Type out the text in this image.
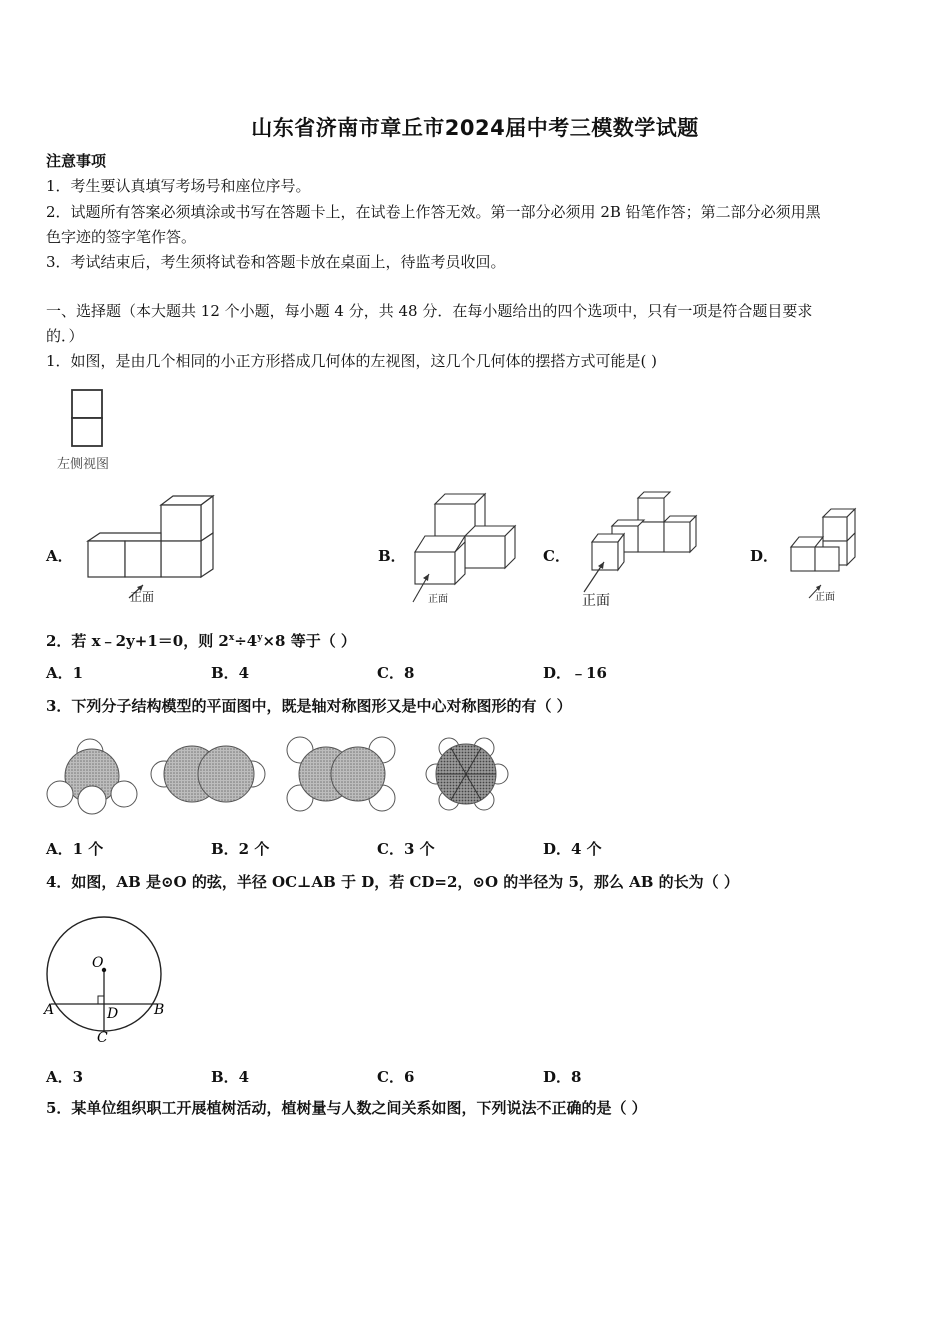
山东省济南市章丘市2024届中考三模数学试题
注意事项
1．考生要认真填写考场号和座位序号。
2．试题所有答案必须填涂或书写在答题卡上，在试卷上作答无效。第一部分必须用 2B 铅笔作答；第二部分必须用黑
色字迹的签字笔作答。
3．考试结束后，考生须将试卷和答题卡放在桌面上，待监考员收回。
一、选择题（本大题共 12 个小题，每小题 4 分，共 48 分．在每小题给出的四个选项中，只有一项是符合题目要求
的．）
1．如图，是由几个相同的小正方形搭成几何体的左视图，这几个几何体的摆搭方式可能是( )
左侧视图
A．
正面
B．
正面
C．
正面
D．
正面
2．若 x﹣2y+1＝0，则 $2^x\div 4^y\times 8$ 等于（ ）
A．1	B．4	C．8	D．﹣16
3．下列分子结构模型的平面图中，既是轴对称图形又是中心对称图形的有（ ）
A．1 个	B．2 个	C．3 个	D．4 个
4．如图，AB 是⊙O 的弦，半径 OC⊥AB 于 D，若 CD=2，⊙O 的半径为 5，那么 AB 的长为（ ）
O
A	B
D
C
A．3	B．4	C．6	D．8
5．某单位组织职工开展植树活动，植树量与人数之间关系如图，下列说法不正确的是（ ）
